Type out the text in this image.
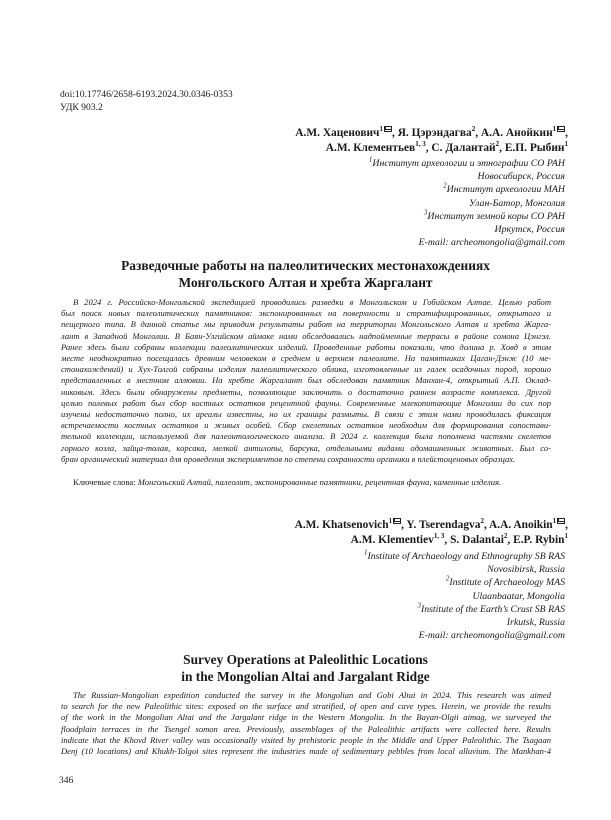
doi:10.17746/2658-6193.2024.30.0346-0353
УДК 903.2
А.М. Хаценович$^1$ , Я. Цэрэндагва$^2$, А.А. Анойкин$^1$ ,
А.М. Клементьев$^{1, 3}$, С. Далантай$^2$, Е.П. Рыбин$^1$
$^1$Институт археологии и этнографии СО РАН
Новосибирск, Россия
$^2$Институт археологии МАН
Улан-Батор, Монголия
$^3$Институт земной коры СО РАН
Иркутск, Россия
E-mail: archeomongolia@gmail.com
Разведочные работы на палеолитических местонахождениях
Монгольского Алтая и хребта Жаргалант
В 2024 г. Российско-Монгольской экспедицией проводились разведки в Монгольском и Гобийском Алтае. Целью работ
был поиск новых палеолитических памятников: экспонированных на поверхности и стратифицированных, открытого и
пещерного типа. В данной статье мы приводим результаты работ на территории Монгольского Алтая и хребта Жарга-
лант в Западной Монголии. В Баян-Улгийском аймаке нами обследовались надпойменные террасы в районе сомона Цэнгэл.
Ранее здесь были собраны коллекции палеолитических изделий. Проведенные работы показали, что долина р. Ховд в этом
месте неоднократно посещалась древним человеком в среднем и верхнем палеолите. На памятниках Цаган-Дэнж (10 ме-
стонахождений) и Хух-Толгой собраны изделия палеолитического облика, изготовленные из галек осадочных пород, хорошо
представленных в местном аллювии. На хребте Жаргалант был обследован памятник Манхан-4, открытый А.П. Оклад-
никовым. Здесь были обнаружены предметы, позволяющие заключить о достаточно раннем возрасте комплекса. Другой
целью полевых работ был сбор костных остатков рецентной фауны. Современные млекопитающие Монголии до сих пор
изучены недостаточно полно, их ареалы известны, но их границы размыты. В связи с этим нами проводилась фиксация
встречаемости костных остатков и живых особей. Сбор скелетных остатков необходим для формирования сопостави-
тельной коллекции, используемой для палеонтологического анализа. В 2024 г. коллекция была пополнена частями скелетов
горного козла, зайца-толая, корсака, мелкой антилопы, барсука, отдельными видами одомашненных животных. Был со-
бран органический материал для проведения экспериментов по степени сохранности органики в плейстоценовых образцах.
Ключевые слова: Монгольский Алтай, палеолит, экспонированные памятники, рецентная фауна, каменные изделия.
A.M. Khatsenovich$^1$ , Y. Tserendagva$^2$, A.A. Anoikin$^1$ ,
A.M. Klementiev$^{1, 3}$, S. Dalantai$^2$, E.P. Rybin$^1$
$^1$Institute of Archaeology and Ethnography SB RAS
Novosibirsk, Russia
$^2$Institute of Archaeology MAS
Ulaanbaatar, Mongolia
$^3$Institute of the Earth’s Crust SB RAS
Irkutsk, Russia
E-mail: archeomongolia@gmail.com
Survey Operations at Paleolithic Locations
in the Mongolian Altai and Jargalant Ridge
The Russian-Mongolian expedition conducted the survey in the Mongolian and Gobi Altai in 2024. This research was aimed
to search for the new Paleolithic sites: exposed on the surface and stratified, of open and cave types. Herein, we provide the results
of the work in the Mongolian Altai and the Jargalant ridge in the Western Mongolia. In the Bayan-Olgii aimag, we surveyed the
floodplain terraces in the Tsengel somon area. Previously, assemblages of the Paleolithic artifacts were collected here. Results
indicate that the Khovd River valley was occasionally visited by prehistoric people in the Middle and Upper Paleolithic. The Tsagaan
Denj (10 locations) and Khukh-Tolgoi sites represent the industries made of sedimentary pebbles from local alluvium. The Mankhan-4
346
